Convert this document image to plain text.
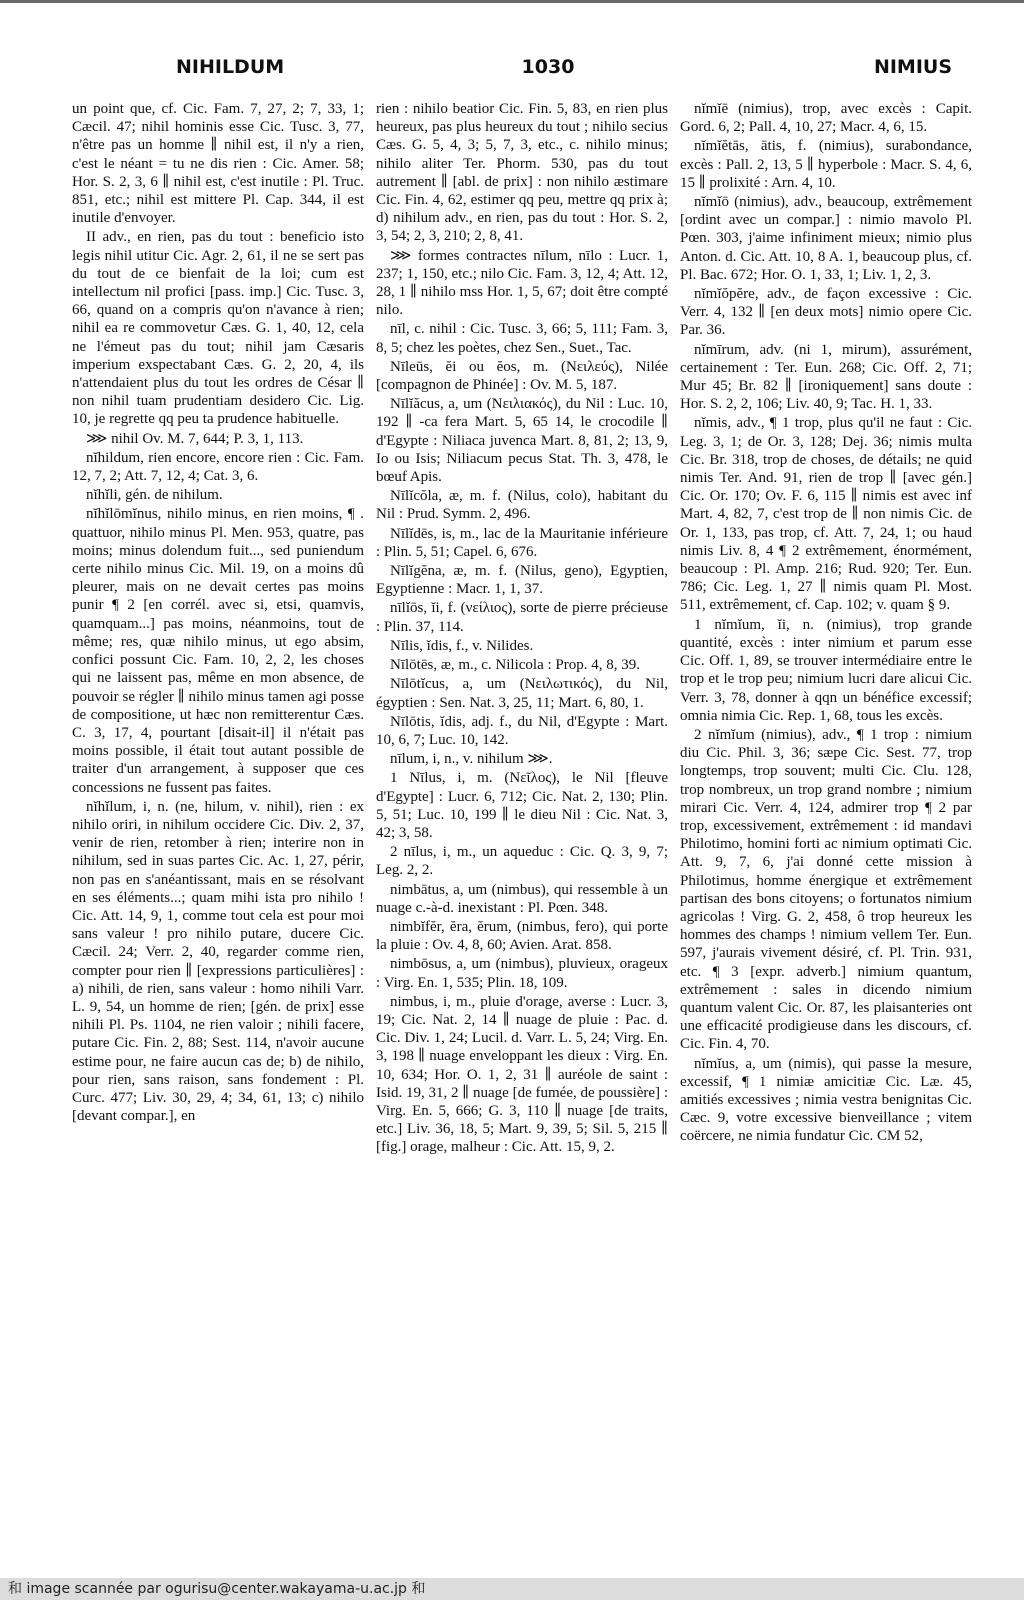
NIHILDUM	1030	NIMIUS

un point que, cf. Cic. Fam. 7, 27, 2; 7, 33, 1; Cæcil. 47; nihil hominis esse Cic. Tusc. 3, 77, n'être pas un homme ∥ nihil est, il n'y a rien, c'est le néant = tu ne dis rien : Cic. Amer. 58; Hor. S. 2, 3, 6 ∥ nihil est, c'est inutile : Pl. Truc. 851, etc.; nihil est mittere Pl. Cap. 344, il est inutile d'envoyer.

II adv., en rien, pas du tout : beneficio isto legis nihil utitur Cic. Agr. 2, 61, il ne se sert pas du tout de ce bienfait de la loi; cum est intellectum nil profici [pass. imp.] Cic. Tusc. 3, 66, quand on a compris qu'on n'avance à rien; nihil ea re commovetur Cæs. G. 1, 40, 12, cela ne l'émeut pas du tout; nihil jam Cæsaris imperium exspectabant Cæs. G. 2, 20, 4, ils n'attendaient plus du tout les ordres de César ∥ non nihil tuam prudentiam desidero Cic. Lig. 10, je regrette qq peu ta prudence habituelle.

⋙ nihil Ov. M. 7, 644; P. 3, 1, 113.

nĭhildum, rien encore, encore rien : Cic. Fam. 12, 7, 2; Att. 7, 12, 4; Cat. 3, 6.

nĭhĭli, gén. de nihilum.

nĭhĭlōmĭnus, nihilo minus, en rien moins, ¶ . quattuor, nihilo minus Pl. Men. 953, quatre, pas moins; minus dolendum fuit..., sed puniendum certe nihilo minus Cic. Mil. 19, on a moins dû pleurer, mais on ne devait certes pas moins punir ¶ 2 [en corrél. avec si, etsi, quamvis, quamquam...] pas moins, néanmoins, tout de même; res, quæ nihilo minus, ut ego absim, confici possunt Cic. Fam. 10, 2, 2, les choses qui ne laissent pas, même en mon absence, de pouvoir se régler ∥ nihilo minus tamen agi posse de compositione, ut hæc non remitterentur Cæs. C. 3, 17, 4, pourtant [disait-il] il n'était pas moins possible, il était tout autant possible de traiter d'un arrangement, à supposer que ces concessions ne fussent pas faites.

nĭhĭlum, i, n. (ne, hilum, v. nihil), rien : ex nihilo oriri, in nihilum occidere Cic. Div. 2, 37, venir de rien, retomber à rien; interire non in nihilum, sed in suas partes Cic. Ac. 1, 27, périr, non pas en s'anéantissant, mais en se résolvant en ses éléments...; quam mihi ista pro nihilo ! Cic. Att. 14, 9, 1, comme tout cela est pour moi sans valeur ! pro nihilo putare, ducere Cic. Cæcil. 24; Verr. 2, 40, regarder comme rien, compter pour rien ∥ [expressions particulières] : a) nihili, de rien, sans valeur : homo nihili Varr. L. 9, 54, un homme de rien; [gén. de prix] esse nihili Pl. Ps. 1104, ne rien valoir ; nihili facere, putare Cic. Fin. 2, 88; Sest. 114, n'avoir aucune estime pour, ne faire aucun cas de; b) de nihilo, pour rien, sans raison, sans fondement : Pl. Curc. 477; Liv. 30, 29, 4; 34, 61, 13; c) nihilo [devant compar.], en

rien : nihilo beatior Cic. Fin. 5, 83, en rien plus heureux, pas plus heureux du tout ; nihilo secius Cæs. G. 5, 4, 3; 5, 7, 3, etc., c. nihilo minus; nihilo aliter Ter. Phorm. 530, pas du tout autrement ∥ [abl. de prix] : non nihilo æstimare Cic. Fin. 4, 62, estimer qq peu, mettre qq prix à; d) nihilum adv., en rien, pas du tout : Hor. S. 2, 3, 54; 2, 3, 210; 2, 8, 41.

⋙ formes contractes nīlum, nīlo : Lucr. 1, 237; 1, 150, etc.; nilo Cic. Fam. 3, 12, 4; Att. 12, 28, 1 ∥ nihilo mss Hor. 1, 5, 67; doit être compté nilo.

nīl, c. nihil : Cic. Tusc. 3, 66; 5, 111; Fam. 3, 8, 5; chez les poètes, chez Sen., Suet., Tac.

Nīleūs, ĕi ou ĕos, m. (Νειλεύς), Nilée [compagnon de Phinée] : Ov. M. 5, 187.

Nīlĭăcus, a, um (Νειλιακός), du Nil : Luc. 10, 192 ∥ -ca fera Mart. 5, 65 14, le crocodile ∥ d'Egypte : Niliaca juvenca Mart. 8, 81, 2; 13, 9, Io ou Isis; Niliacum pecus Stat. Th. 3, 478, le bœuf Apis.

Nīlĭcŏla, æ, m. f. (Nilus, colo), habitant du Nil : Prud. Symm. 2, 496.

Nīlĭdēs, is, m., lac de la Mauritanie inférieure : Plin. 5, 51; Capel. 6, 676.

Nīlĭgĕna, æ, m. f. (Nilus, geno), Egyptien, Egyptienne : Macr. 1, 1, 37.

nīlĭōs, ĭi, f. (νείλιος), sorte de pierre précieuse : Plin. 37, 114.

Nīlis, ĭdis, f., v. Nilides.

Nīlōtēs, æ, m., c. Nilicola : Prop. 4, 8, 39.

Nīlōtĭcus, a, um (Νειλωτικός), du Nil, égyptien : Sen. Nat. 3, 25, 11; Mart. 6, 80, 1.

Nīlōtis, ĭdis, adj. f., du Nil, d'Egypte : Mart. 10, 6, 7; Luc. 10, 142.

nīlum, i, n., v. nihilum ⋙.

1 Nīlus, i, m. (Νεῖλος), le Nil [fleuve d'Egypte] : Lucr. 6, 712; Cic. Nat. 2, 130; Plin. 5, 51; Luc. 10, 199 ∥ le dieu Nil : Cic. Nat. 3, 42; 3, 58.

2 nīlus, i, m., un aqueduc : Cic. Q. 3, 9, 7; Leg. 2, 2.

nimbātus, a, um (nimbus), qui ressemble à un nuage c.-à-d. inexistant : Pl. Pœn. 348.

nimbĭfĕr, ĕra, ĕrum, (nimbus, fero), qui porte la pluie : Ov. 4, 8, 60; Avien. Arat. 858.

nimbōsus, a, um (nimbus), pluvieux, orageux : Virg. En. 1, 535; Plin. 18, 109.

nimbus, i, m., pluie d'orage, averse : Lucr. 3, 19; Cic. Nat. 2, 14 ∥ nuage de pluie : Pac. d. Cic. Div. 1, 24; Lucil. d. Varr. L. 5, 24; Virg. En. 3, 198 ∥ nuage enveloppant les dieux : Virg. En. 10, 634; Hor. O. 1, 2, 31 ∥ auréole de saint : Isid. 19, 31, 2 ∥ nuage [de fumée, de poussière] : Virg. En. 5, 666; G. 3, 110 ∥ nuage [de traits, etc.] Liv. 36, 18, 5; Mart. 9, 39, 5; Sil. 5, 215 ∥ [fig.] orage, malheur : Cic. Att. 15, 9, 2.

nĭmĭē (nimius), trop, avec excès : Capit. Gord. 6, 2; Pall. 4, 10, 27; Macr. 4, 6, 15.

nĭmĭĕtās, ātis, f. (nimius), surabondance, excès : Pall. 2, 13, 5 ∥ hyperbole : Macr. S. 4, 6, 15 ∥ prolixité : Arn. 4, 10.

nĭmĭō (nimius), adv., beaucoup, extrêmement [ordint avec un compar.] : nimio mavolo Pl. Pœn. 303, j'aime infiniment mieux; nimio plus Anton. d. Cic. Att. 10, 8 A. 1, beaucoup plus, cf. Pl. Bac. 672; Hor. O. 1, 33, 1; Liv. 1, 2, 3.

nĭmĭŏpĕre, adv., de façon excessive : Cic. Verr. 4, 132 ∥ [en deux mots] nimio opere Cic. Par. 36.

nĭmīrum, adv. (ni 1, mirum), assurément, certainement : Ter. Eun. 268; Cic. Off. 2, 71; Mur 45; Br. 82 ∥ [ironiquement] sans doute : Hor. S. 2, 2, 106; Liv. 40, 9; Tac. H. 1, 33.

nĭmis, adv., ¶ 1 trop, plus qu'il ne faut : Cic. Leg. 3, 1; de Or. 3, 128; Dej. 36; nimis multa Cic. Br. 318, trop de choses, de détails; ne quid nimis Ter. And. 91, rien de trop ∥ [avec gén.] Cic. Or. 170; Ov. F. 6, 115 ∥ nimis est avec inf Mart. 4, 82, 7, c'est trop de ∥ non nimis Cic. de Or. 1, 133, pas trop, cf. Att. 7, 24, 1; ou haud nimis Liv. 8, 4 ¶ 2 extrêmement, énormément, beaucoup : Pl. Amp. 216; Rud. 920; Ter. Eun. 786; Cic. Leg. 1, 27 ∥ nimis quam Pl. Most. 511, extrêmement, cf. Cap. 102; v. quam § 9.

1 nĭmĭum, ĭi, n. (nimius), trop grande quantité, excès : inter nimium et parum esse Cic. Off. 1, 89, se trouver intermédiaire entre le trop et le trop peu; nimium lucri dare alicui Cic. Verr. 3, 78, donner à qqn un bénéfice excessif; omnia nimia Cic. Rep. 1, 68, tous les excès.

2 nĭmĭum (nimius), adv., ¶ 1 trop : nimium diu Cic. Phil. 3, 36; sæpe Cic. Sest. 77, trop longtemps, trop souvent; multi Cic. Clu. 128, trop nombreux, un trop grand nombre ; nimium mirari Cic. Verr. 4, 124, admirer trop ¶ 2 par trop, excessivement, extrêmement : id mandavi Philotimo, homini forti ac nimium optimati Cic. Att. 9, 7, 6, j'ai donné cette mission à Philotimus, homme énergique et extrêmement partisan des bons citoyens; o fortunatos nimium agricolas ! Virg. G. 2, 458, ô trop heureux les hommes des champs ! nimium vellem Ter. Eun. 597, j'aurais vivement désiré, cf. Pl. Trin. 931, etc. ¶ 3 [expr. adverb.] nimium quantum, extrêmement : sales in dicendo nimium quantum valent Cic. Or. 87, les plaisanteries ont une efficacité prodigieuse dans les discours, cf. Cic. Fin. 4, 70.

nĭmĭus, a, um (nimis), qui passe la mesure, excessif, ¶ 1 nimiæ amicitiæ Cic. Læ. 45, amitiés excessives ; nimia vestra benignitas Cic. Cæc. 9, votre excessive bienveillance ; vitem coërcere, ne nimia fundatur Cic. CM 52,

和 image scannée par ogurisu@center.wakayama-u.ac.jp 和
